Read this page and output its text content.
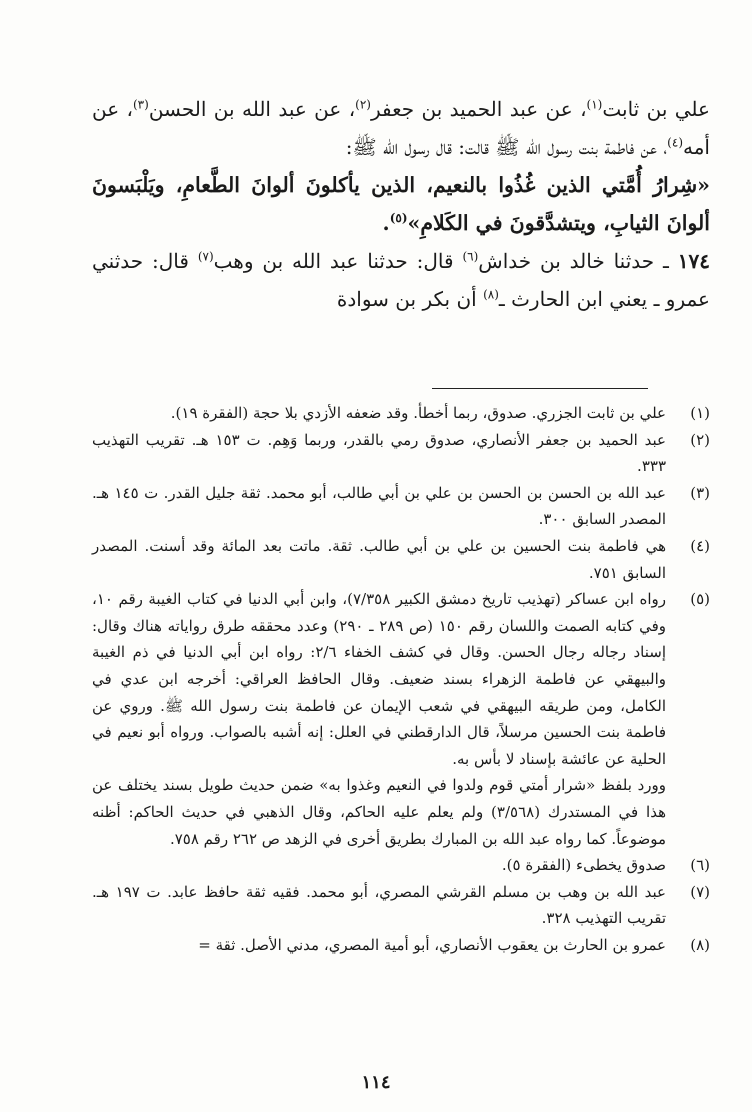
علي بن ثابت$^{(١)}$، عن عبد الحميد بن جعفر$^{(٢)}$، عن عبد الله بن الحسن$^{(٣)}$، عن أمه$^{(٤)}$، عن فاطمة بنت رسول الله ﷺ قالت: قال رسول الله ﷺ:

«شِرارُ أُمَّتي الذين غُذُوا بالنعيم، الذين يأكلونَ ألوانَ الطَّعامِ، ويَلْبَسونَ ألوانَ الثيابِ، ويتشدَّقونَ في الكَلامِ»$^{(٥)}$.

١٧٤ ـ حدثنا خالد بن خداش$^{(٦)}$ قال: حدثنا عبد الله بن وهب$^{(٧)}$ قال: حدثني عمرو ـ يعني ابن الحارث ـ$^{(٨)}$ أن بكر بن سوادة

(١)
علي بن ثابت الجزري. صدوق، ربما أخطأ. وقد ضعفه الأزدي بلا حجة (الفقرة ١٩).
(٢)
عبد الحميد بن جعفر الأنصاري، صدوق رمي بالقدر، وربما وَهِم. ت ١٥٣ هـ. تقريب التهذيب ٣٣٣.
(٣)
عبد الله بن الحسن بن الحسن بن علي بن أبي طالب، أبو محمد. ثقة جليل القدر. ت ١٤٥ هـ. المصدر السابق ٣٠٠.
(٤)
هي فاطمة بنت الحسين بن علي بن أبي طالب. ثقة. ماتت بعد المائة وقد أسنت. المصدر السابق ٧٥١.
(٥)
رواه ابن عساكر (تهذيب تاريخ دمشق الكبير ٧/٣٥٨)، وابن أبي الدنيا في كتاب الغيبة رقم ١٠، وفي كتابه الصمت واللسان رقم ١٥٠ (ص ٢٨٩ ـ ٢٩٠) وعدد محققه طرق رواياته هناك وقال: إسناد رجاله رجال الحسن. وقال في كشف الخفاء ٢/٦: رواه ابن أبي الدنيا في ذم الغيبة والبيهقي عن فاطمة الزهراء بسند ضعيف. وقال الحافظ العراقي: أخرجه ابن عدي في الكامل، ومن طريقه البيهقي في شعب الإيمان عن فاطمة بنت رسول الله ﷺ. وروي عن فاطمة بنت الحسين مرسلاً، قال الدارقطني في العلل: إنه أشبه بالصواب. ورواه أبو نعيم في الحلية عن عائشة بإسناد لا بأس به.
وورد بلفظ «شرار أمتي قوم ولدوا في النعيم وغذوا به» ضمن حديث طويل بسند يختلف عن هذا في المستدرك (٣/٥٦٨) ولم يعلم عليه الحاكم، وقال الذهبي في حديث الحاكم: أظنه موضوعاً. كما رواه عبد الله بن المبارك بطريق أخرى في الزهد ص ٢٦٢ رقم ٧٥٨.
(٦)
صدوق يخطىء (الفقرة ٥).
(٧)
عبد الله بن وهب بن مسلم القرشي المصري، أبو محمد. فقيه ثقة حافظ عابد. ت ١٩٧ هـ. تقريب التهذيب ٣٢٨.
(٨)
عمرو بن الحارث بن يعقوب الأنصاري، أبو أمية المصري، مدني الأصل. ثقة =
١١٤
